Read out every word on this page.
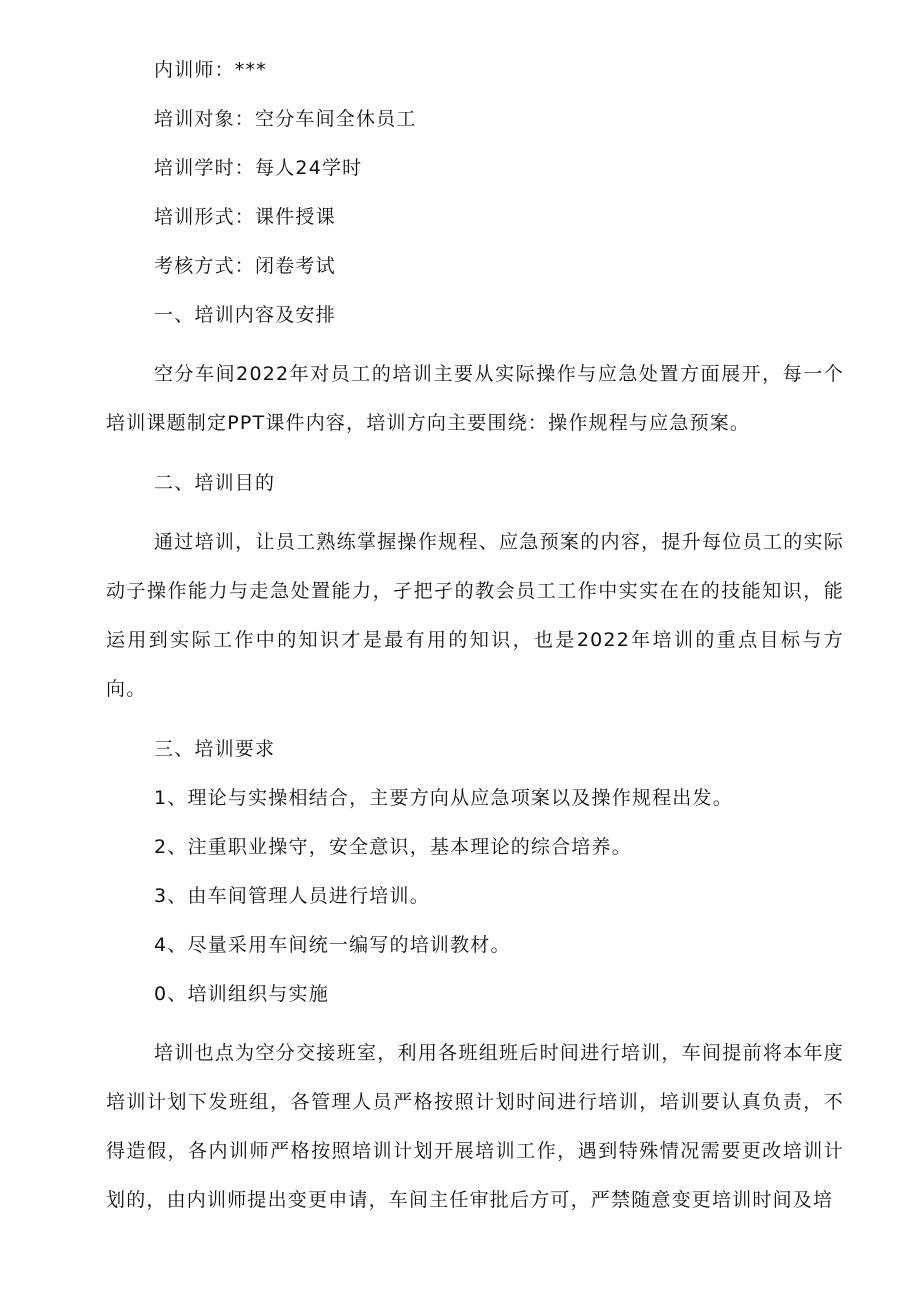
内训师：***

培训对象：空分车间全休员工

培训学时：每人24学时

培训形式：课件授课

考核方式：闭卷考试

一、培训内容及安排

空分车间2022年对员工的培训主要从实际操作与应急处置方面展开，每一个培训课题制定PPT课件内容，培训方向主要围绕：操作规程与应急预案。

二、培训目的

通过培训，让员工熟练掌握操作规程、应急预案的内容，提升每位员工的实际动子操作能力与走急处置能力，孑把孑的教会员工工作中实实在在的技能知识，能运用到实际工作中的知识才是最有用的知识，也是2022年培训的重点目标与方向。

三、培训要求

1、理论与实操相结合，主要方向从应急项案以及操作规程出发。

2、注重职业操守，安全意识，基本理论的综合培养。

3、由车间管理人员进行培训。

4、尽量采用车间统一编写的培训教材。

0、培训组织与实施

培训也点为空分交接班室，利用各班组班后时间进行培训，车间提前将本年度培训计划下发班组，各管理人员严格按照计划时间进行培训，培训要认真负责，不得造假，各内训师严格按照培训计划开展培训工作，遇到特殊情况需要更改培训计划的，由内训师提出变更申请，车间主任审批后方可，严禁随意变更培训时间及培
